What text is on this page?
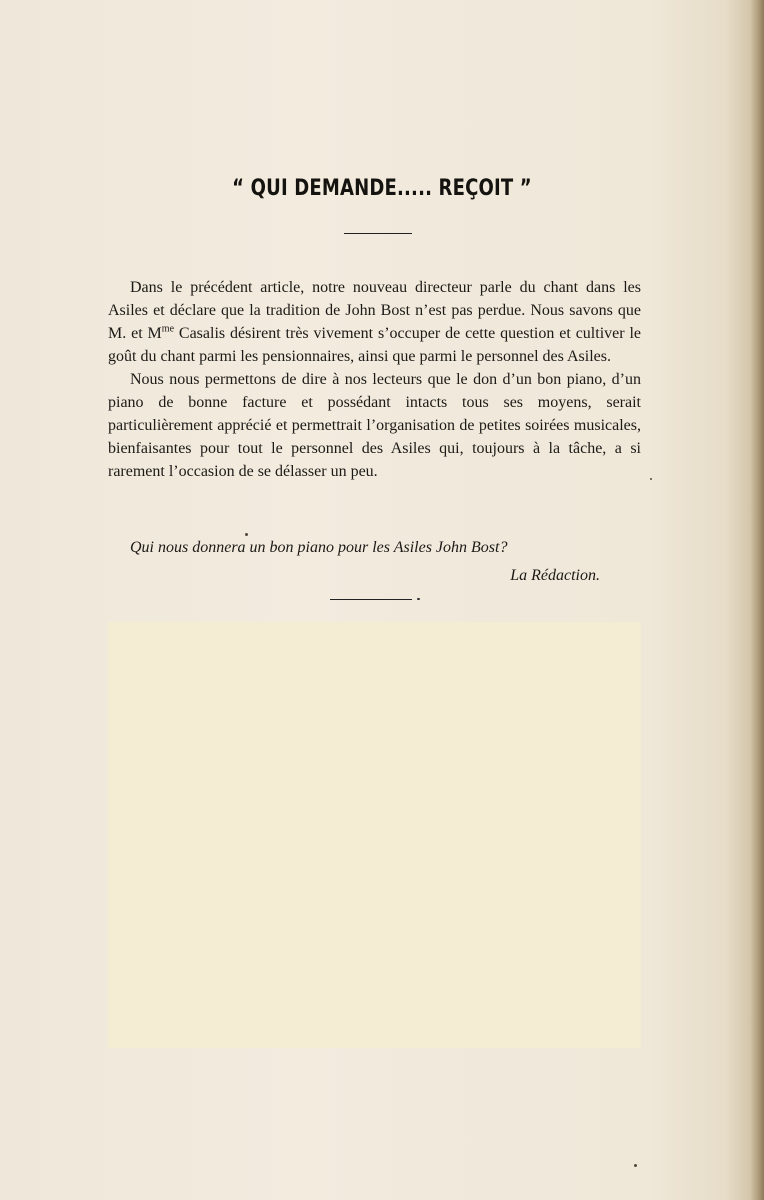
“ QUI DEMANDE..... REÇOIT ”

Dans le précédent article, notre nouveau directeur parle du chant dans les Asiles et déclare que la tradition de John Bost n’est pas perdue. Nous savons que M. et $M^{me}$ Casalis désirent très vivement s’occuper de cette question et cultiver le goût du chant parmi les pensionnaires, ainsi que parmi le personnel des Asiles.

Nous nous permettons de dire à nos lecteurs que le don d’un bon piano, d’un piano de bonne facture et possédant intacts tous ses moyens, serait particulièrement apprécié et permettrait l’organisation de petites soirées musicales, bienfaisantes pour tout le personnel des Asiles qui, toujours à la tâche, a si rarement l’occasion de se délasser un peu.

Qui nous donnera un bon piano pour les Asiles John Bost?
La Rédaction.
